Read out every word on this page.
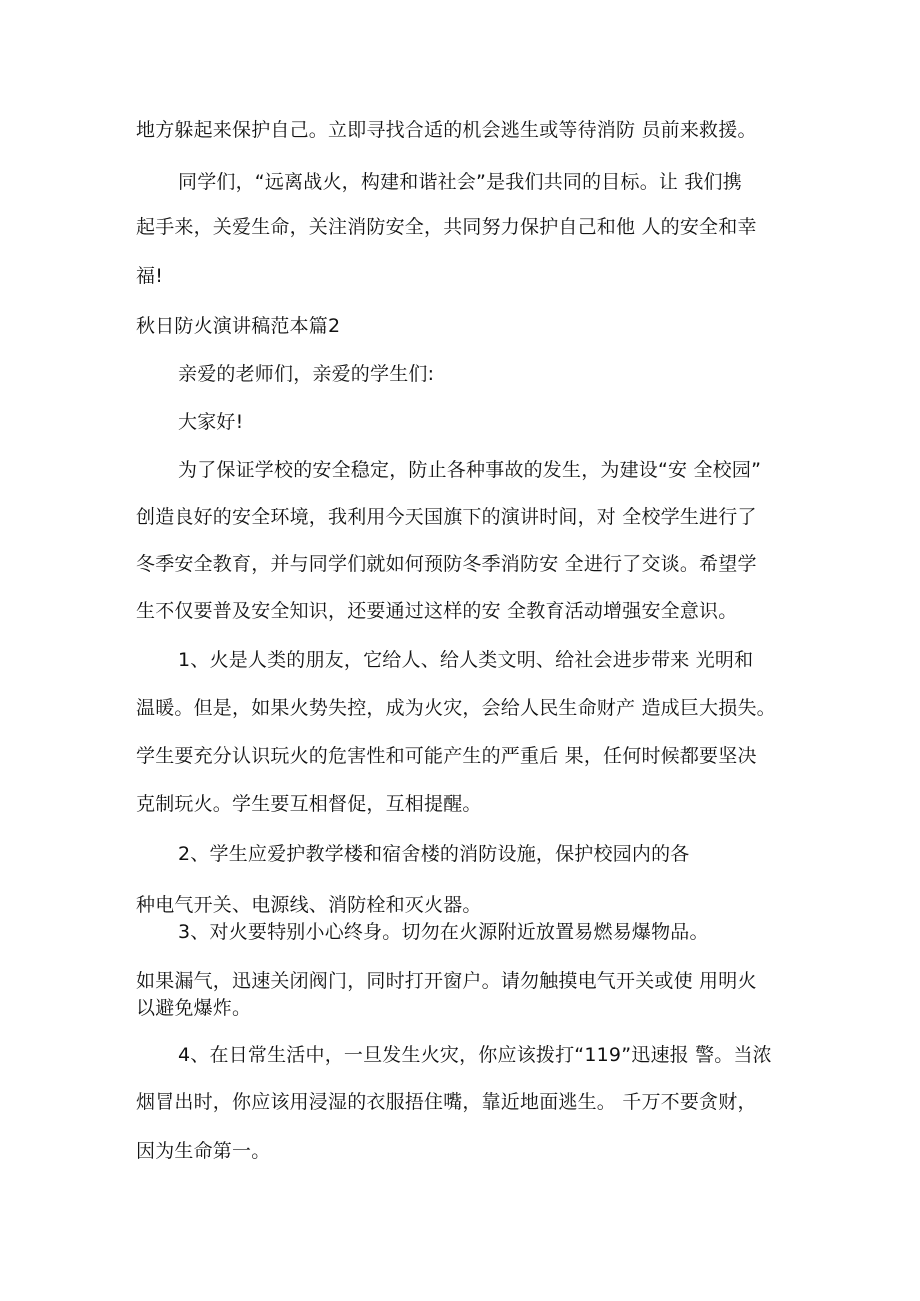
地方躲起来保护自己。立即寻找合适的机会逃生或等待消防 员前来救援。
同学们，“远离战火，构建和谐社会”是我们共同的目标。让 我们携
起手来，关爱生命，关注消防安全，共同努力保护自己和他 人的安全和幸
福!
秋日防火演讲稿范本篇2
亲爱的老师们，亲爱的学生们:
大家好!
为了保证学校的安全稳定，防止各种事故的发生，为建设“安 全校园”
创造良好的安全环境，我利用今天国旗下的演讲时间，对 全校学生进行了
冬季安全教育，并与同学们就如何预防冬季消防安 全进行了交谈。希望学
生不仅要普及安全知识，还要通过这样的安 全教育活动增强安全意识。
1、火是人类的朋友，它给人、给人类文明、给社会进步带来 光明和
温暖。但是，如果火势失控，成为火灾，会给人民生命财产 造成巨大损失。
学生要充分认识玩火的危害性和可能产生的严重后 果，任何时候都要坚决
克制玩火。学生要互相督促，互相提醒。
2、学生应爱护教学楼和宿舍楼的消防设施，保护校园内的各
种电气开关、电源线、消防栓和灭火器。
3、对火要特别小心终身。切勿在火源附近放置易燃易爆物品。
如果漏气，迅速关闭阀门，同时打开窗户。请勿触摸电气开关或使 用明火
以避免爆炸。
4、在日常生活中，一旦发生火灾，你应该拨打“119”迅速报 警。当浓
烟冒出时，你应该用浸湿的衣服捂住嘴，靠近地面逃生。 千万不要贪财，
因为生命第一。
